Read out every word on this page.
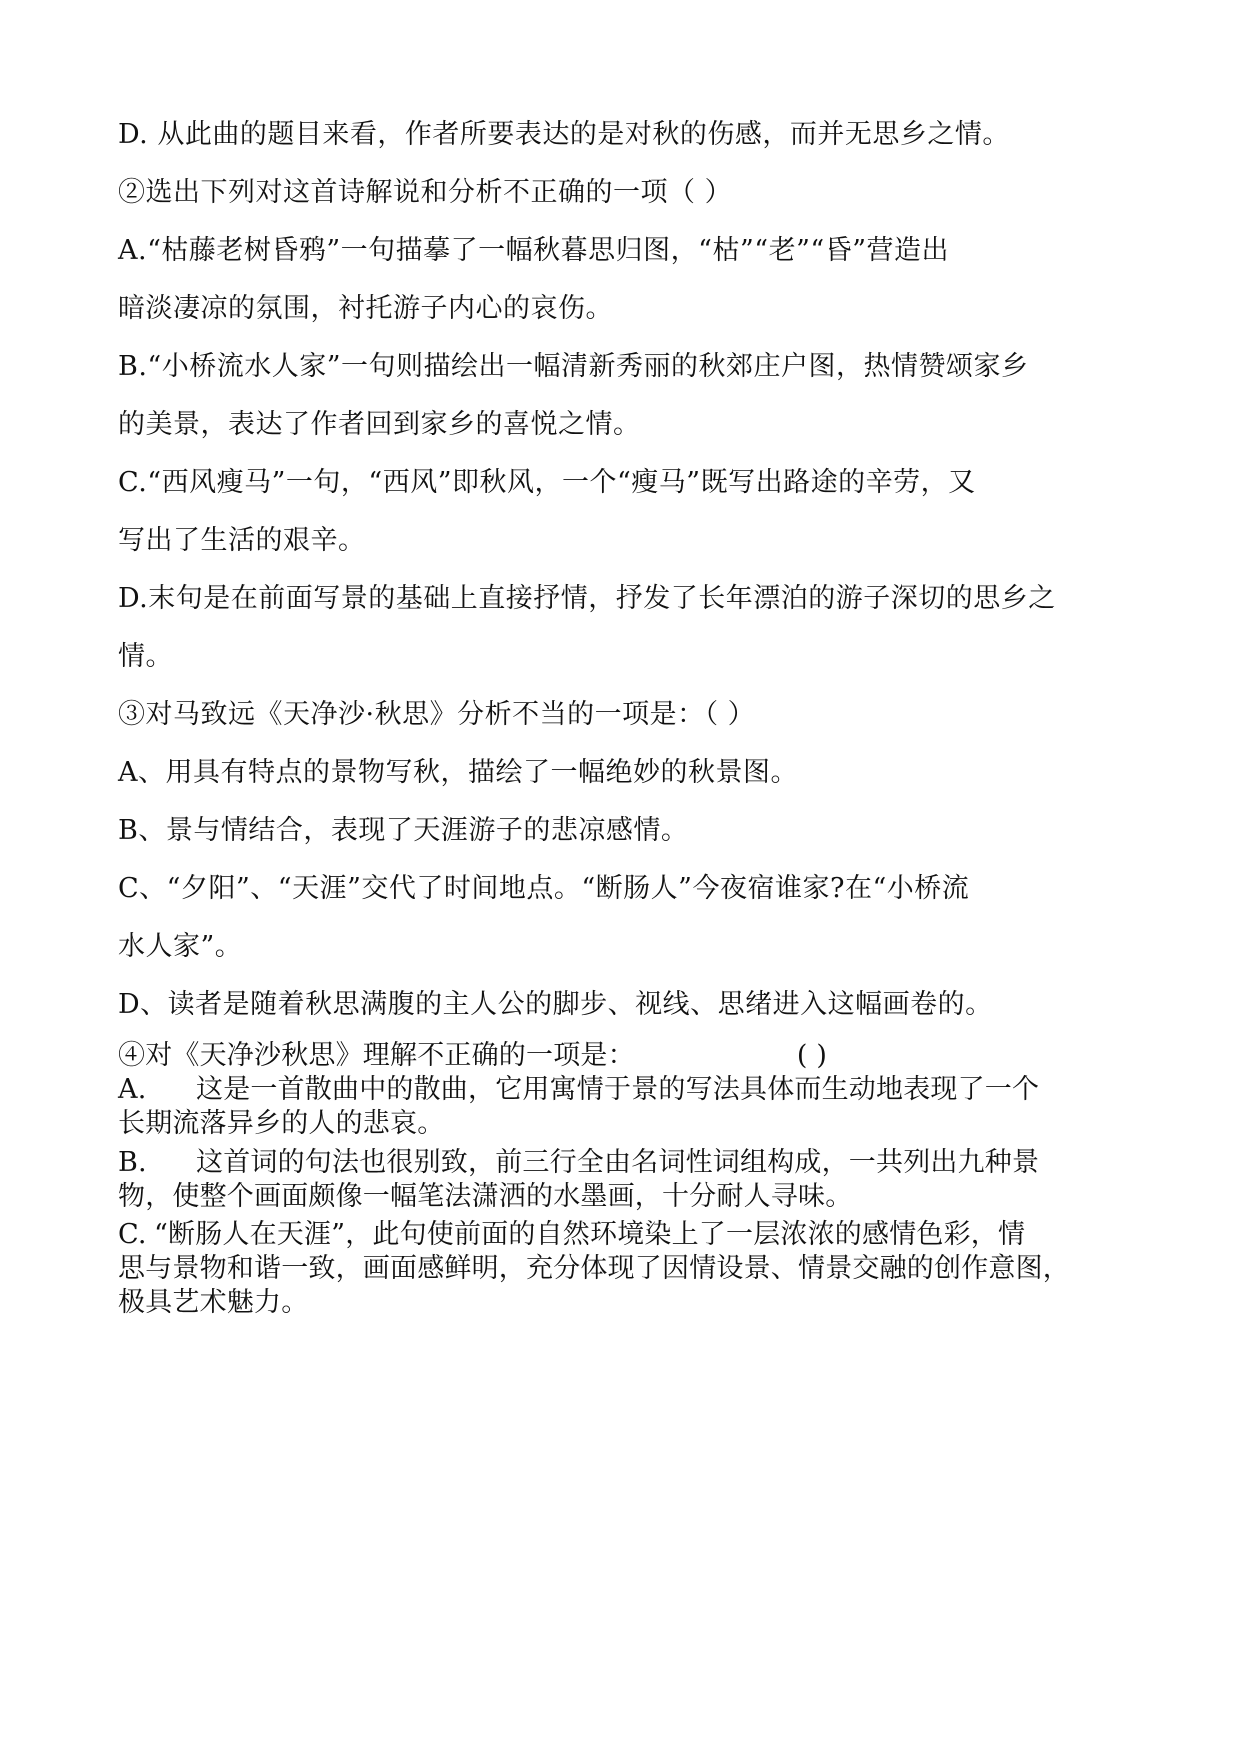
D. 从此曲的题目来看，作者所要表达的是对秋的伤感，而并无思乡之情。
②选出下列对这首诗解说和分析不正确的一项（ ）
A.“枯藤老树昏鸦”一句描摹了一幅秋暮思归图，“枯”“老”“昏”营造出
暗淡凄凉的氛围，衬托游子内心的哀伤。
B.“小桥流水人家”一句则描绘出一幅清新秀丽的秋郊庄户图，热情赞颂家乡
的美景，表达了作者回到家乡的喜悦之情。
C.“西风瘦马”一句，“西风”即秋风，一个“瘦马”既写出路途的辛劳，又
写出了生活的艰辛。
D.末句是在前面写景的基础上直接抒情，抒发了长年漂泊的游子深切的思乡之
情。
③对马致远《天净沙·秋思》分析不当的一项是：（ ）
A、用具有特点的景物写秋，描绘了一幅绝妙的秋景图。
B、景与情结合，表现了天涯游子的悲凉感情。
C、“夕阳”、“天涯”交代了时间地点。“断肠人”今夜宿谁家?在“小桥流
水人家”。
D、读者是随着秋思满腹的主人公的脚步、视线、思绪进入这幅画卷的。
④对《天净沙秋思》理解不正确的一项是：	( )
A. 这是一首散曲中的散曲，它用寓情于景的写法具体而生动地表现了一个
长期流落异乡的人的悲哀。
B. 这首词的句法也很别致，前三行全由名词性词组构成，一共列出九种景
物，使整个画面颇像一幅笔法潇洒的水墨画，十分耐人寻味。
C. “断肠人在天涯”，此句使前面的自然环境染上了一层浓浓的感情色彩，情
思与景物和谐一致，画面感鲜明，充分体现了因情设景、情景交融的创作意图，
极具艺术魅力。
